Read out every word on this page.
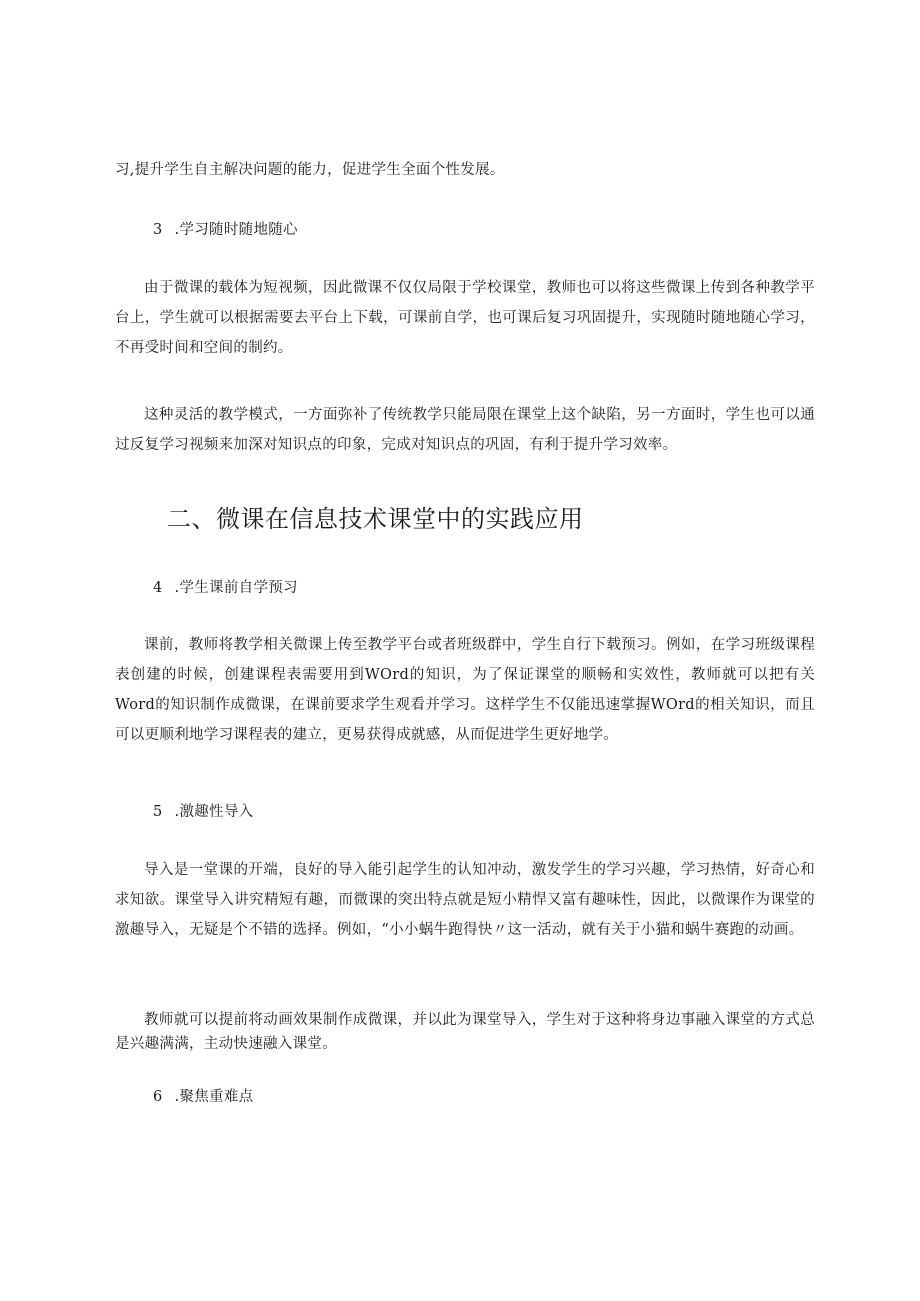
习,提升学生自主解决问题的能力，促进学生全面个性发展。

3 .学习随时随地随心

由于微课的载体为短视频，因此微课不仅仅局限于学校课堂，教师也可以将这些微课上传到各种教学平台上，学生就可以根据需要去平台上下载，可课前自学，也可课后复习巩固提升，实现随时随地随心学习，不再受时间和空间的制约。

这种灵活的教学模式，一方面弥补了传统教学只能局限在课堂上这个缺陷，另一方面时，学生也可以通过反复学习视频来加深对知识点的印象，完成对知识点的巩固，有利于提升学习效率。

二、微课在信息技术课堂中的实践应用
4 .学生课前自学预习

课前，教师将教学相关微课上传至教学平台或者班级群中，学生自行下载预习。例如，在学习班级课程表创建的时候，创建课程表需要用到WOrd的知识，为了保证课堂的顺畅和实效性，教师就可以把有关Word的知识制作成微课，在课前要求学生观看并学习。这样学生不仅能迅速掌握WOrd的相关知识，而且可以更顺利地学习课程表的建立，更易获得成就感，从而促进学生更好地学。

5 .激趣性导入

导入是一堂课的开端，良好的导入能引起学生的认知冲动，激发学生的学习兴趣，学习热情，好奇心和求知欲。课堂导入讲究精短有趣，而微课的突出特点就是短小精悍又富有趣味性，因此，以微课作为课堂的激趣导入，无疑是个不错的选择。例如，“小小蜗牛跑得快〃这一活动，就有关于小猫和蜗牛赛跑的动画。

教师就可以提前将动画效果制作成微课，并以此为课堂导入，学生对于这种将身边事融入课堂的方式总是兴趣满满，主动快速融入课堂。

6 .聚焦重难点
